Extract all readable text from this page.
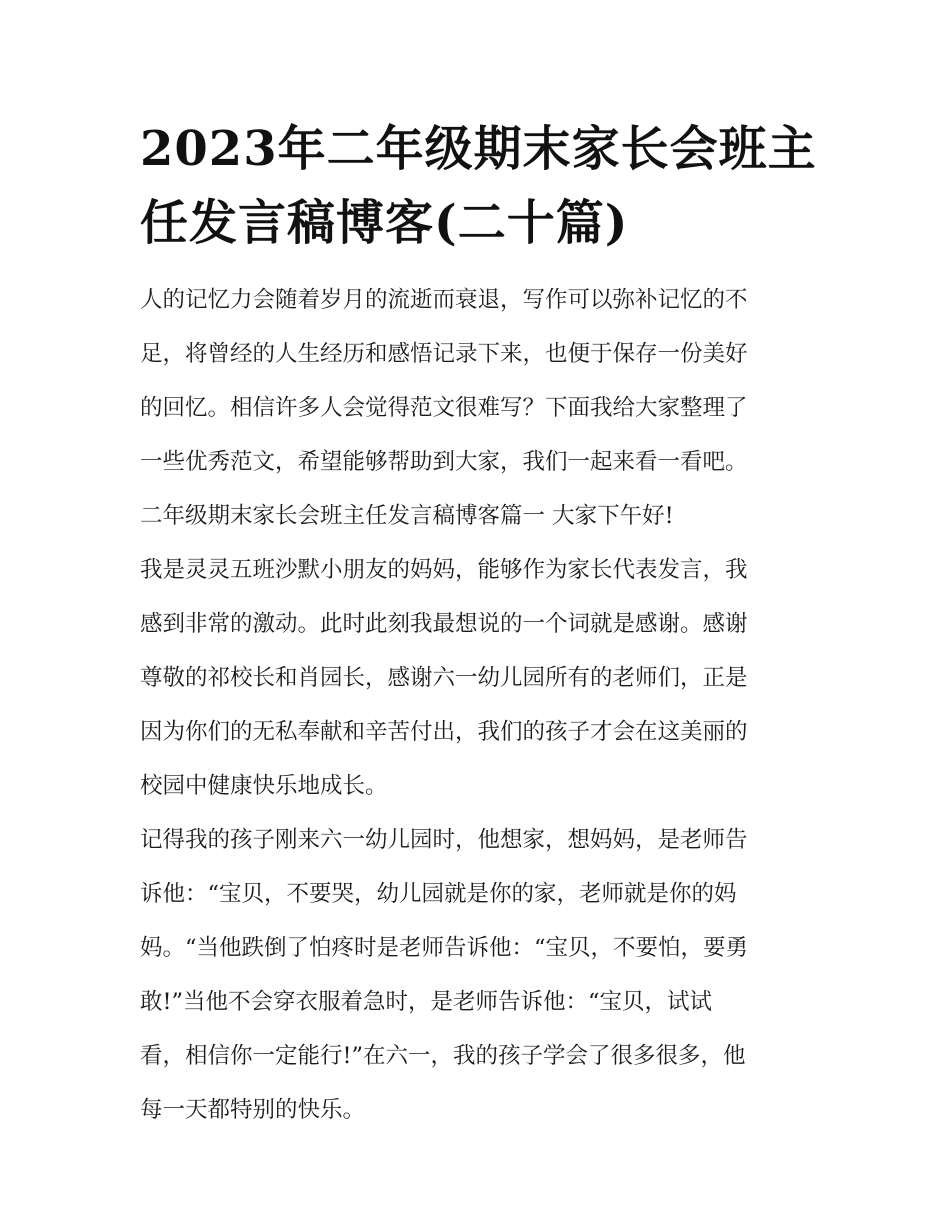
2023年二年级期末家长会班主
任发言稿博客(二十篇)
人的记忆力会随着岁月的流逝而衰退，写作可以弥补记忆的不
足，将曾经的人生经历和感悟记录下来，也便于保存一份美好
的回忆。相信许多人会觉得范文很难写？下面我给大家整理了
一些优秀范文，希望能够帮助到大家，我们一起来看一看吧。
二年级期末家长会班主任发言稿博客篇一 大家下午好!
我是灵灵五班沙默小朋友的妈妈，能够作为家长代表发言，我
感到非常的激动。此时此刻我最想说的一个词就是感谢。感谢
尊敬的祁校长和肖园长，感谢六一幼儿园所有的老师们，正是
因为你们的无私奉献和辛苦付出，我们的孩子才会在这美丽的
校园中健康快乐地成长。
记得我的孩子刚来六一幼儿园时，他想家，想妈妈，是老师告
诉他：“宝贝，不要哭，幼儿园就是你的家，老师就是你的妈
妈。“当他跌倒了怕疼时是老师告诉他：“宝贝，不要怕，要勇
敢!”当他不会穿衣服着急时，是老师告诉他：“宝贝，试试
看，相信你一定能行!”在六一，我的孩子学会了很多很多，他
每一天都特别的快乐。
